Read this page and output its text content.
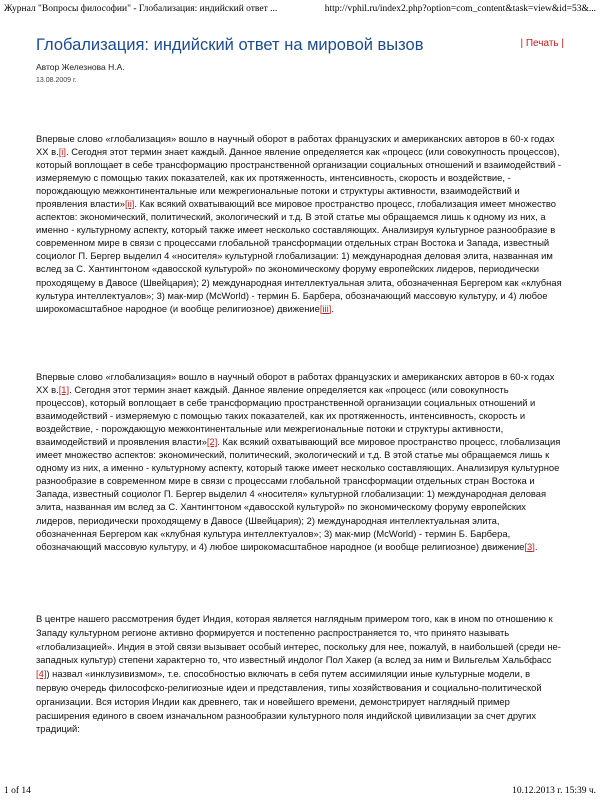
Журнал "Вопросы философии" - Глобализация: индийский ответ ...	http://vphil.ru/index2.php?option=com_content&task=view&id=53&...
Глобализация: индийский ответ на мировой вызов	| Печать |
Автор Железнова Н.А.
13.08.2009 г.

Впервые слово «глобализация» вошло в научный оборот в работах французских и американских авторов в 60-х годах XX в.[i]. Сегодня этот термин знает каждый. Данное явление определяется как «процесс (или совокупность процессов), который воплощает в себе трансформацию пространственной организации социальных отношений и взаимодействий - измеряемую с помощью таких показателей, как их протяженность, интенсивность, скорость и воздействие, - порождающую межконтинентальные или межрегиональные потоки и структуры активности, взаимодействий и проявления власти»[ii]. Как всякий охватывающий все мировое пространство процесс, глобализация имеет множество аспектов: экономический, политический, экологический и т.д. В этой статье мы обращаемся лишь к одному из них, а именно - культурному аспекту, который также имеет несколько составляющих. Анализируя культурное разнообразие в современном мире в связи с процессами глобальной трансформации отдельных стран Востока и Запада, известный социолог П. Бергер выделил 4 «носителя» культурной глобализации: 1) международная деловая элита, названная им вслед за С. Хантингтоном «давосской культурой» по экономическому форуму европейских лидеров, периодически проходящему в Давосе (Швейцария); 2) международная интеллектуальная элита, обозначенная Бергером как «клубная культура интеллектуалов»; 3) мак-мир (McWorld) - термин Б. Барбера, обозначающий массовую культуру, и 4) любое широкомасштабное народное (и вообще религиозное) движение[iii].

Впервые слово «глобализация» вошло в научный оборот в работах французских и американских авторов в 60-х годах XX в.[1]. Сегодня этот термин знает каждый. Данное явление определяется как «процесс (или совокупность процессов), который воплощает в себе трансформацию пространственной организации социальных отношений и взаимодействий - измеряемую с помощью таких показателей, как их протяженность, интенсивность, скорость и воздействие, - порождающую межконтинентальные или межрегиональные потоки и структуры активности, взаимодействий и проявления власти»[2]. Как всякий охватывающий все мировое пространство процесс, глобализация имеет множество аспектов: экономический, политический, экологический и т.д. В этой статье мы обращаемся лишь к одному из них, а именно - культурному аспекту, который также имеет несколько составляющих. Анализируя культурное разнообразие в современном мире в связи с процессами глобальной трансформации отдельных стран Востока и Запада, известный социолог П. Бергер выделил 4 «носителя» культурной глобализации: 1) международная деловая элита, названная им вслед за С. Хантингтоном «давосской культурой» по экономическому форуму европейских лидеров, периодически проходящему в Давосе (Швейцария); 2) международная интеллектуальная элита, обозначенная Бергером как «клубная культура интеллектуалов»; 3) мак-мир (McWorld) - термин Б. Барбера, обозначающий массовую культуру, и 4) любое широкомасштабное народное (и вообще религиозное) движение[3].

В центре нашего рассмотрения будет Индия, которая является наглядным примером того, как в ином по отношению к Западу культурном регионе активно формируется и постепенно распространяется то, что принято называть «глобализацией». Индия в этой связи вызывает особый интерес, поскольку для нее, пожалуй, в наибольшей (среди не-западных культур) степени характерно то, что известный индолог Пол Хакер (а вслед за ним и Вильгельм Хальбфасс [4]) назвал «инклузивизмом», т.е. способностью включать в себя путем ассимиляции иные культурные модели, в первую очередь философско-религиозные идеи и представления, типы хозяйствования и социально-политической организации. Вся история Индии как древнего, так и новейшего времени, демонстрирует наглядный пример расширения единого в своем изначальном разнообразии культурного поля индийской цивилизации за счет других традиций:

1 of 14	10.12.2013 г. 15:39 ч.
